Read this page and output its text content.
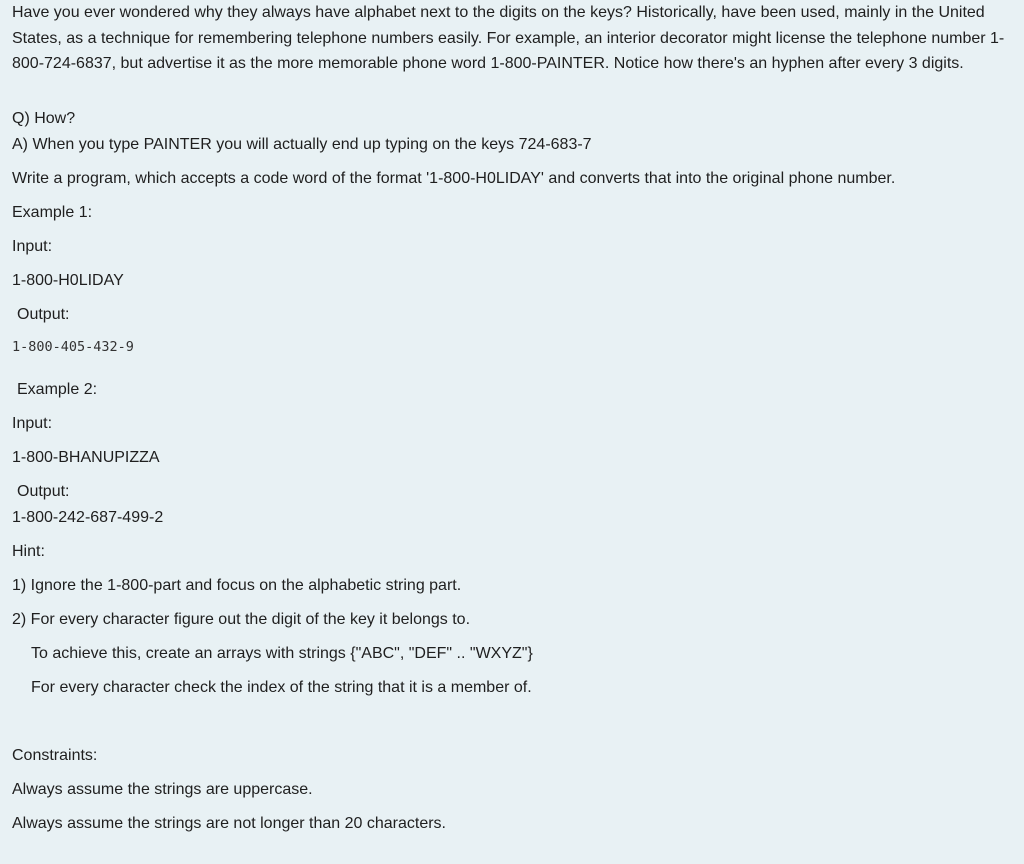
Have you ever wondered why they always have alphabet next to the digits on the keys? Historically, have been used, mainly in the United States, as a technique for remembering telephone numbers easily. For example, an interior decorator might license the telephone number 1-800-724-6837, but advertise it as the more memorable phone word 1-800-PAINTER. Notice how there's an hyphen after every 3 digits.

Q) How?
A) When you type PAINTER you will actually end up typing on the keys 724-683-7
Write a program, which accepts a code word of the format '1-800-H0LIDAY' and converts that into the original phone number.
Example 1:
Input:
1-800-H0LIDAY
Output:
1-800-405-432-9
Example 2:
Input:
1-800-BHANUPIZZA
Output:
1-800-242-687-499-2
Hint:
1) Ignore the 1-800-part and focus on the alphabetic string part.
2) For every character figure out the digit of the key it belongs to.
To achieve this, create an arrays with strings {"ABC", "DEF" .. "WXYZ"}
For every character check the index of the string that it is a member of.
Constraints:
Always assume the strings are uppercase.
Always assume the strings are not longer than 20 characters.
